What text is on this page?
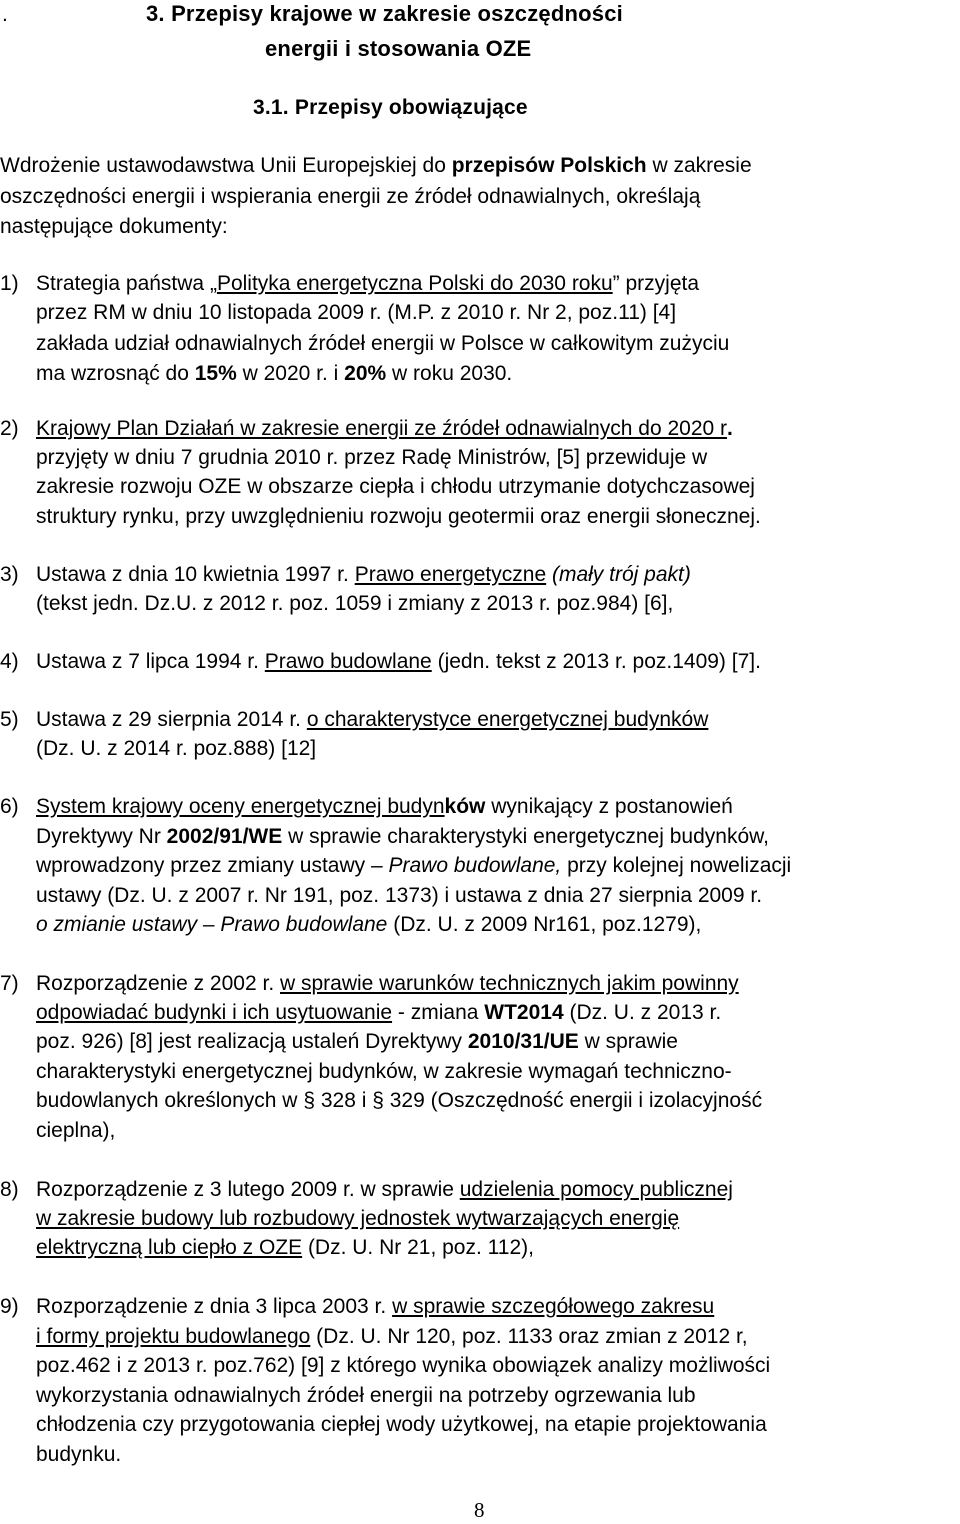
.	3. Przepisy krajowe w zakresie oszczędności
energii i stosowania OZE
3.1. Przepisy obowiązujące
Wdrożenie ustawodawstwa Unii Europejskiej do przepisów Polskich w zakresie
oszczędności energii i wspierania energii ze źródeł odnawialnych, określają
następujące dokumenty:
1) Strategia państwa „Polityka energetyczna Polski do 2030 roku” przyjęta
przez RM w dniu 10 listopada 2009 r. (M.P. z 2010 r. Nr 2, poz.11) [4]
zakłada udział odnawialnych źródeł energii w Polsce w całkowitym zużyciu
ma wzrosnąć do 15% w 2020 r. i 20% w roku 2030.
2) Krajowy Plan Działań w zakresie energii ze źródeł odnawialnych do 2020 r.
przyjęty w dniu 7 grudnia 2010 r. przez Radę Ministrów, [5] przewiduje w
zakresie rozwoju OZE w obszarze ciepła i chłodu utrzymanie dotychczasowej
struktury rynku, przy uwzględnieniu rozwoju geotermii oraz energii słonecznej.
3) Ustawa z dnia 10 kwietnia 1997 r. Prawo energetyczne (mały trój pakt)
(tekst jedn. Dz.U. z 2012 r. poz. 1059 i zmiany z 2013 r. poz.984) [6],
4) Ustawa z 7 lipca 1994 r. Prawo budowlane (jedn. tekst z 2013 r. poz.1409) [7].
5) Ustawa z 29 sierpnia 2014 r. o charakterystyce energetycznej budynków
(Dz. U. z 2014 r. poz.888) [12]
6) System krajowy oceny energetycznej budynków wynikający z postanowień
Dyrektywy Nr 2002/91/WE w sprawie charakterystyki energetycznej budynków,
wprowadzony przez zmiany ustawy – Prawo budowlane, przy kolejnej nowelizacji
ustawy (Dz. U. z 2007 r. Nr 191, poz. 1373) i ustawa z dnia 27 sierpnia 2009 r.
o zmianie ustawy – Prawo budowlane (Dz. U. z 2009 Nr161, poz.1279),
7) Rozporządzenie z 2002 r. w sprawie warunków technicznych jakim powinny
odpowiadać budynki i ich usytuowanie - zmiana WT2014 (Dz. U. z 2013 r.
poz. 926) [8] jest realizacją ustaleń Dyrektywy 2010/31/UE w sprawie
charakterystyki energetycznej budynków, w zakresie wymagań techniczno-
budowlanych określonych w § 328 i § 329 (Oszczędność energii i izolacyjność
cieplna),
8) Rozporządzenie z 3 lutego 2009 r. w sprawie udzielenia pomocy publicznej
w zakresie budowy lub rozbudowy jednostek wytwarzających energię
elektryczną lub ciepło z OZE (Dz. U. Nr 21, poz. 112),
9) Rozporządzenie z dnia 3 lipca 2003 r. w sprawie szczegółowego zakresu
i formy projektu budowlanego (Dz. U. Nr 120, poz. 1133 oraz zmian z 2012 r,
poz.462 i z 2013 r. poz.762) [9] z którego wynika obowiązek analizy możliwości
wykorzystania odnawialnych źródeł energii na potrzeby ogrzewania lub
chłodzenia czy przygotowania ciepłej wody użytkowej, na etapie projektowania
budynku.
8
